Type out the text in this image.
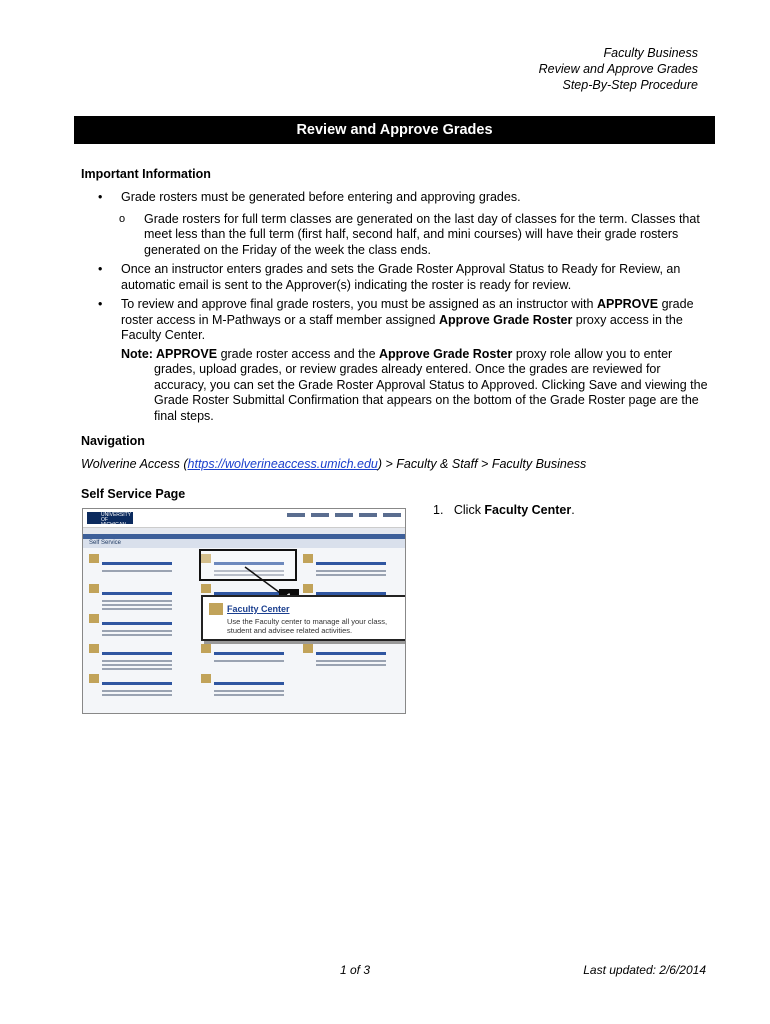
Faculty Business
Review and Approve Grades
Step-By-Step Procedure
Review and Approve Grades
Important Information
• Grade rosters must be generated before entering and approving grades.
o Grade rosters for full term classes are generated on the last day of classes for the term. Classes that meet less than the full term (first half, second half, and mini courses) will have their grade rosters generated on the Friday of the week the class ends.
• Once an instructor enters grades and sets the Grade Roster Approval Status to Ready for Review, an automatic email is sent to the Approver(s) indicating the roster is ready for review.
• To review and approve final grade rosters, you must be assigned as an instructor with APPROVE grade roster access in M-Pathways or a staff member assigned Approve Grade Roster proxy access in the Faculty Center.
Note: APPROVE grade roster access and the Approve Grade Roster proxy role allow you to enter
grades, upload grades, or review grades already entered. Once the grades are reviewed for accuracy, you can set the Grade Roster Approval Status to Approved. Clicking Save and viewing the Grade Roster Submittal Confirmation that appears on the bottom of the Grade Roster page are the final steps.
Navigation
Wolverine Access (https://wolverineaccess.umich.edu) > Faculty & Staff > Faculty Business
Self Service Page
UNIVERSITY OF MICHIGAN
Self Service
Faculty Center
Use the Faculty center to manage all your class, student and advisee related activities.
1. Click Faculty Center.
1 of 3	Last updated: 2/6/2014
